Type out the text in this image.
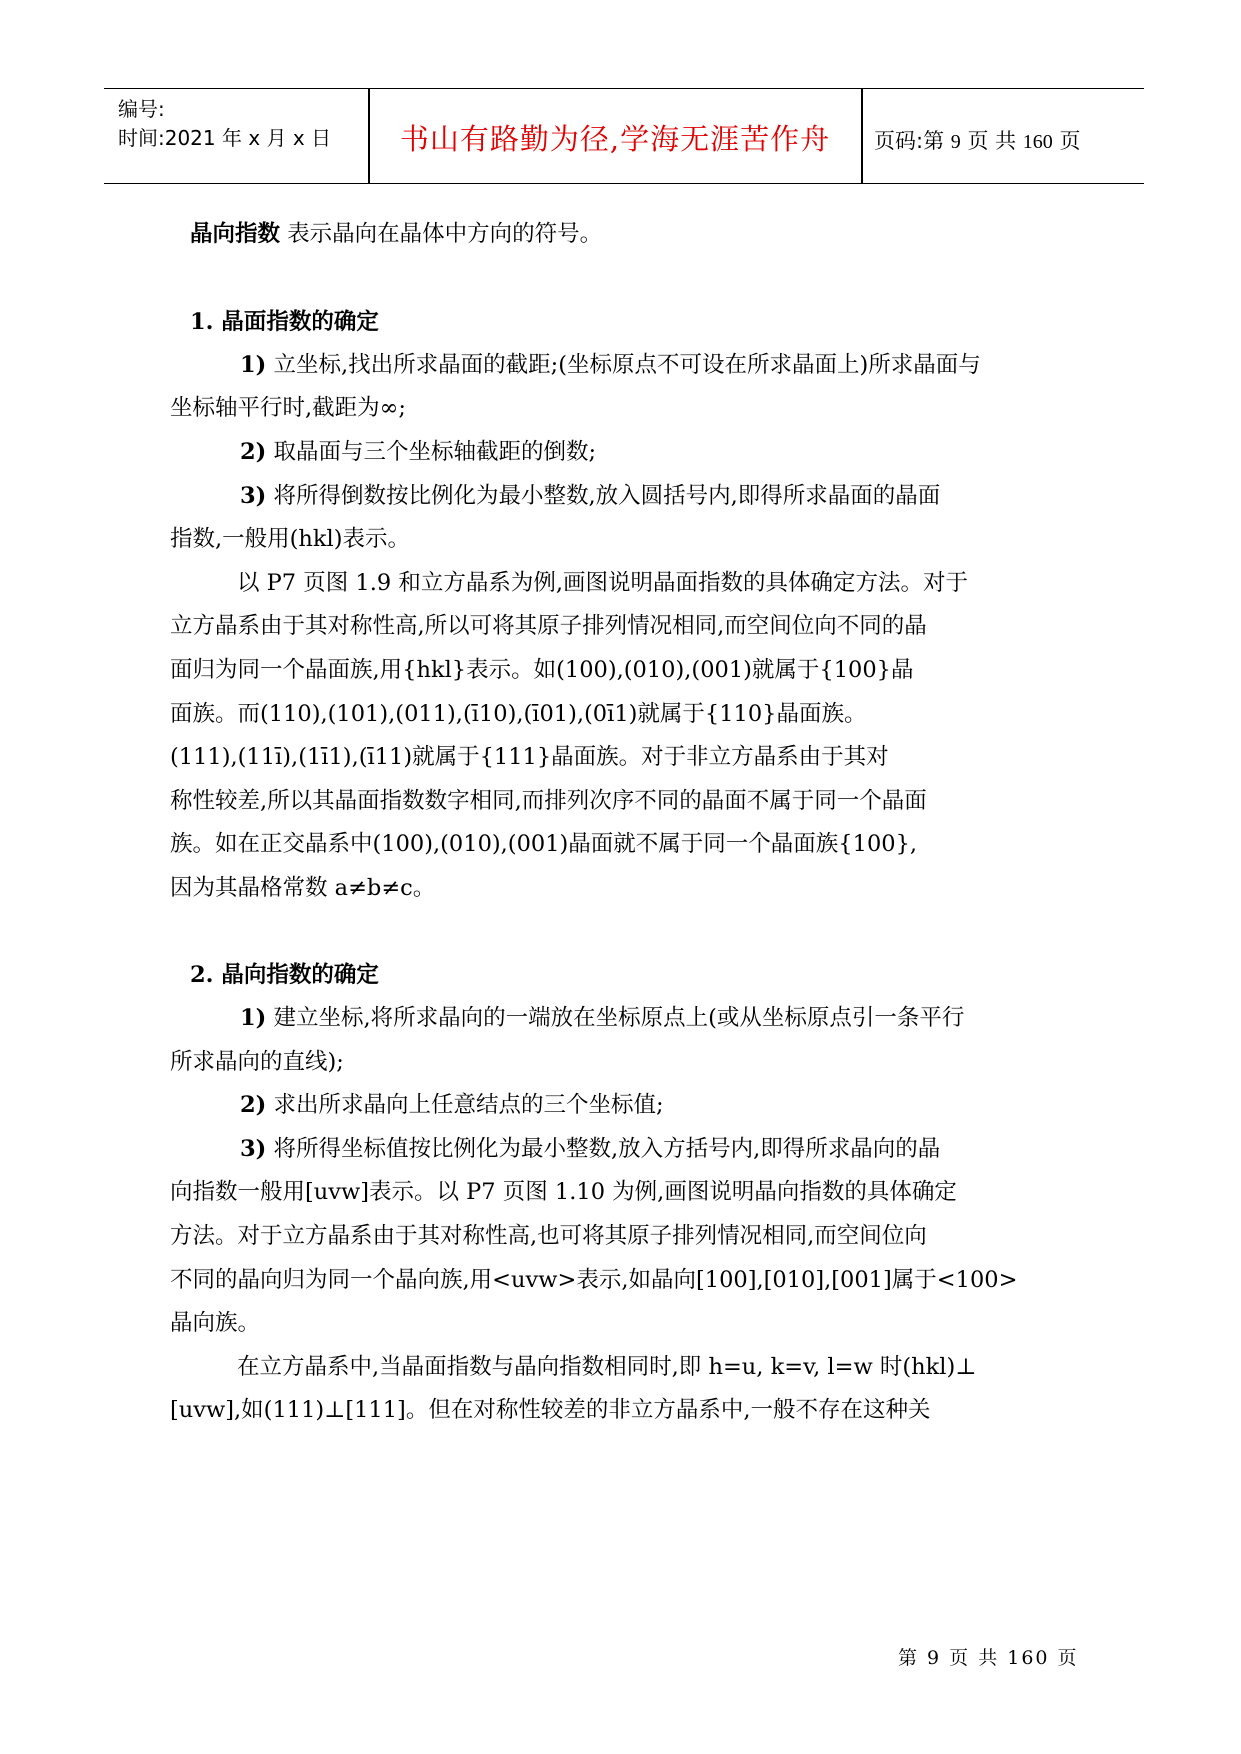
编号:
时间:2021 年 x 月 x 日	书山有路勤为径,学海无涯苦作舟	页码:第 9 页 共 160 页
晶向指数 表示晶向在晶体中方向的符号。
1. 晶面指数的确定
1) 立坐标,找出所求晶面的截距;(坐标原点不可设在所求晶面上)所求晶面与
坐标轴平行时,截距为∞;
2) 取晶面与三个坐标轴截距的倒数;
3) 将所得倒数按比例化为最小整数,放入圆括号内,即得所求晶面的晶面
指数,一般用(hkl)表示。
以 P7 页图 1.9 和立方晶系为例,画图说明晶面指数的具体确定方法。对于
立方晶系由于其对称性高,所以可将其原子排列情况相同,而空间位向不同的晶
面归为同一个晶面族,用{hkl}表示。如(100),(010),(001)就属于{100}晶
面族。而(110),(101),(011),(ī10),(ī01),(0ī1)就属于{110}晶面族。
(111),(11ī),(1ī1),(ī11)就属于{111}晶面族。对于非立方晶系由于其对
称性较差,所以其晶面指数数字相同,而排列次序不同的晶面不属于同一个晶面
族。如在正交晶系中(100),(010),(001)晶面就不属于同一个晶面族{100},
因为其晶格常数 a≠b≠c。
2. 晶向指数的确定
1) 建立坐标,将所求晶向的一端放在坐标原点上(或从坐标原点引一条平行
所求晶向的直线);
2) 求出所求晶向上任意结点的三个坐标值;
3) 将所得坐标值按比例化为最小整数,放入方括号内,即得所求晶向的晶
向指数一般用[uvw]表示。以 P7 页图 1.10 为例,画图说明晶向指数的具体确定
方法。对于立方晶系由于其对称性高,也可将其原子排列情况相同,而空间位向
不同的晶向归为同一个晶向族,用<uvw>表示,如晶向[100],[010],[001]属于<100>
晶向族。
在立方晶系中,当晶面指数与晶向指数相同时,即 h=u, k=v, l=w 时(hkl)⊥
[uvw],如(111)⊥[111]。但在对称性较差的非立方晶系中,一般不存在这种关
第 9 页 共 160 页
